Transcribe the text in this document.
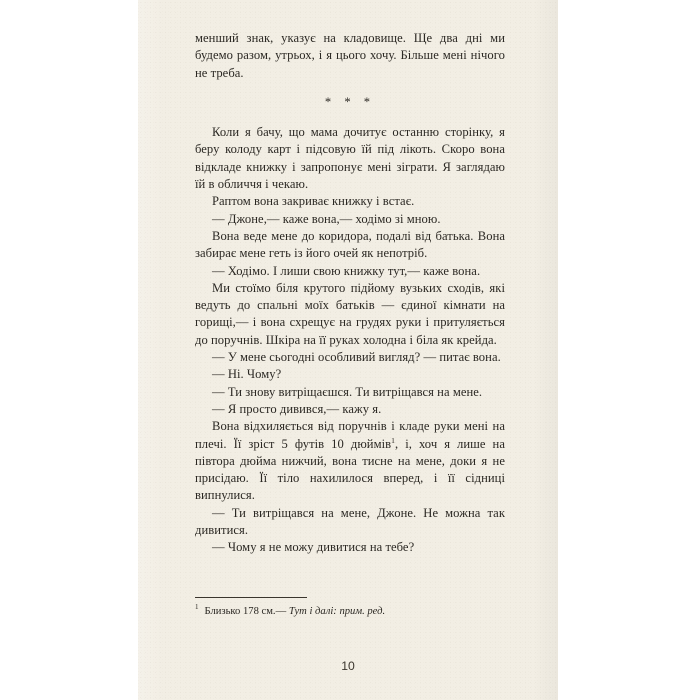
менший знак, указує на кладовище. Ще два дні ми будемо разом, утрьох, і я цього хочу. Більше мені нічого не треба.

* * *

Коли я бачу, що мама дочитує останню сторінку, я беру колоду карт і підсовую їй під лікоть. Скоро вона відкладе книжку і запропонує мені зіграти. Я заглядаю їй в обличчя і чекаю.

Раптом вона закриває книжку і встає.

— Джоне,— каже вона,— ходімо зі мною.

Вона веде мене до коридора, подалі від батька. Вона забирає мене геть із його очей як непотріб.

— Ходімо. І лиши свою книжку тут,— каже вона.

Ми стоїмо біля крутого підйому вузьких сходів, які ведуть до спальні моїх батьків — єдиної кімнати на горищі,— і вона схрещує на грудях руки і притуляється до поручнів. Шкіра на її руках холодна і біла як крейда.

— У мене сьогодні особливий вигляд? — питає вона.

— Ні. Чому?

— Ти знову витріщаєшся. Ти витріщався на мене.

— Я просто дивився,— кажу я.

Вона відхиляється від поручнів і кладе руки мені на плечі. Її зріст 5 футів 10 дюймів$^1$, і, хоч я лише на півтора дюйма нижчий, вона тисне на мене, доки я не присідаю. Її тіло нахилилося вперед, і її сідниці випнулися.

— Ти витріщався на мене, Джоне. Не можна так дивитися.

— Чому я не можу дивитися на тебе?

$^1$ Близько 178 см.— Тут і далі: прим. ред.

10
